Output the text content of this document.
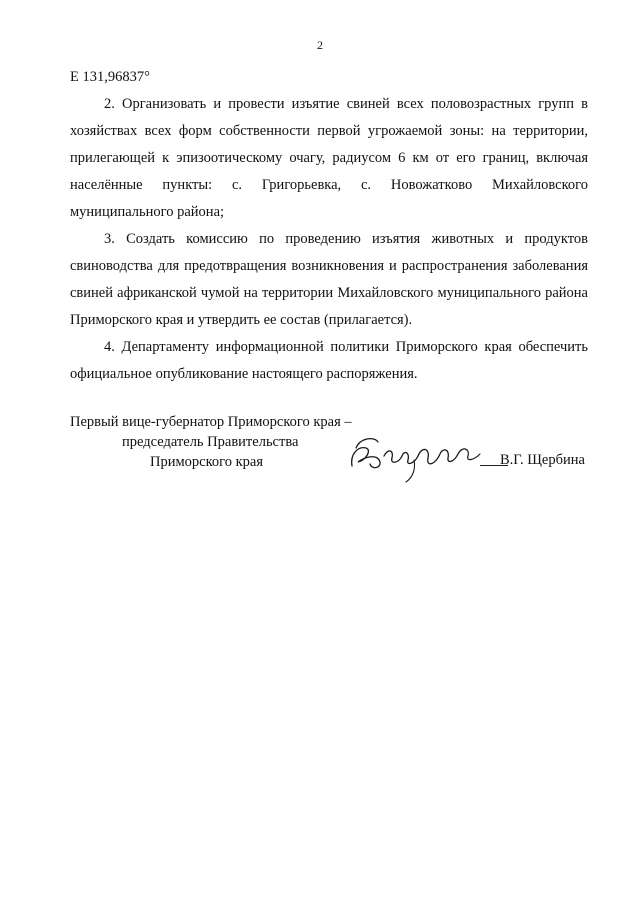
2

Е 131,96837°

2. Организовать и провести изъятие свиней всех половозрастных групп в хозяйствах всех форм собственности первой угрожаемой зоны: на территории, прилегающей к эпизоотическому очагу, радиусом 6 км от его границ, включая населённые пункты: с. Григорьевка, с. Новожатково Михайловского муниципального района;

3. Создать комиссию по проведению изъятия животных и продуктов свиноводства для предотвращения возникновения и распространения заболевания свиней африканской чумой на территории Михайловского муниципального района Приморского края и утвердить ее состав (прилагается).

4. Департаменту информационной политики Приморского края обеспечить официальное опубликование настоящего распоряжения.

Первый вице-губернатор Приморского края –
председатель Правительства
Приморского края	В.Г. Щербина
